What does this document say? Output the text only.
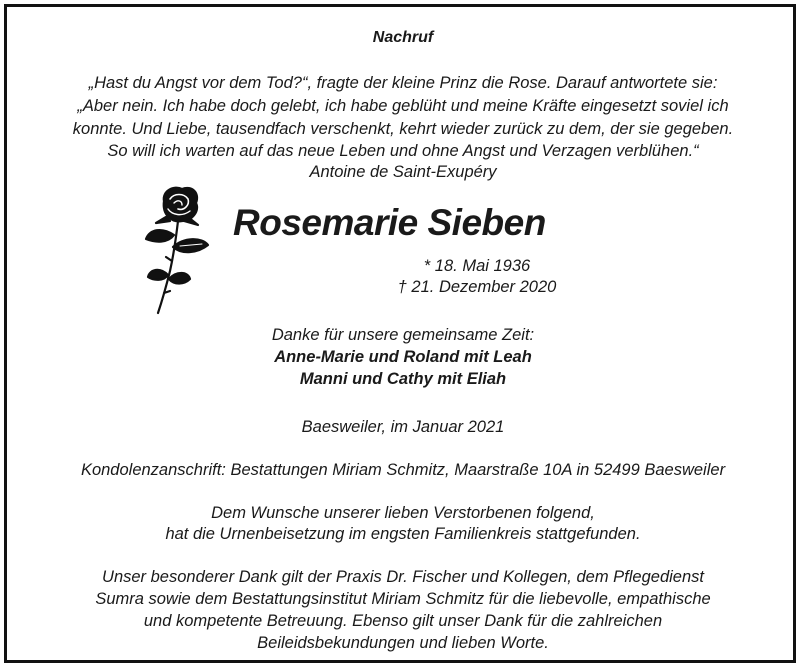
Nachruf
„Hast du Angst vor dem Tod?“, fragte der kleine Prinz die Rose. Darauf antwortete sie:
„Aber nein. Ich habe doch gelebt, ich habe geblüht und meine Kräfte eingesetzt soviel ich
konnte. Und Liebe, tausendfach verschenkt, kehrt wieder zurück zu dem, der sie gegeben.
So will ich warten auf das neue Leben und ohne Angst und Verzagen verblühen.“
Antoine de Saint-Exupéry
Rosemarie Sieben
* 18. Mai 1936
† 21. Dezember 2020
Danke für unsere gemeinsame Zeit:
Anne-Marie und Roland mit Leah
Manni und Cathy mit Eliah
Baesweiler, im Januar 2021
Kondolenzanschrift: Bestattungen Miriam Schmitz, Maarstraße 10A in 52499 Baesweiler
Dem Wunsche unserer lieben Verstorbenen folgend,
hat die Urnenbeisetzung im engsten Familienkreis stattgefunden.
Unser besonderer Dank gilt der Praxis Dr. Fischer und Kollegen, dem Pflegedienst
Sumra sowie dem Bestattungsinstitut Miriam Schmitz für die liebevolle, empathische
und kompetente Betreuung. Ebenso gilt unser Dank für die zahlreichen
Beileidsbekundungen und lieben Worte.
